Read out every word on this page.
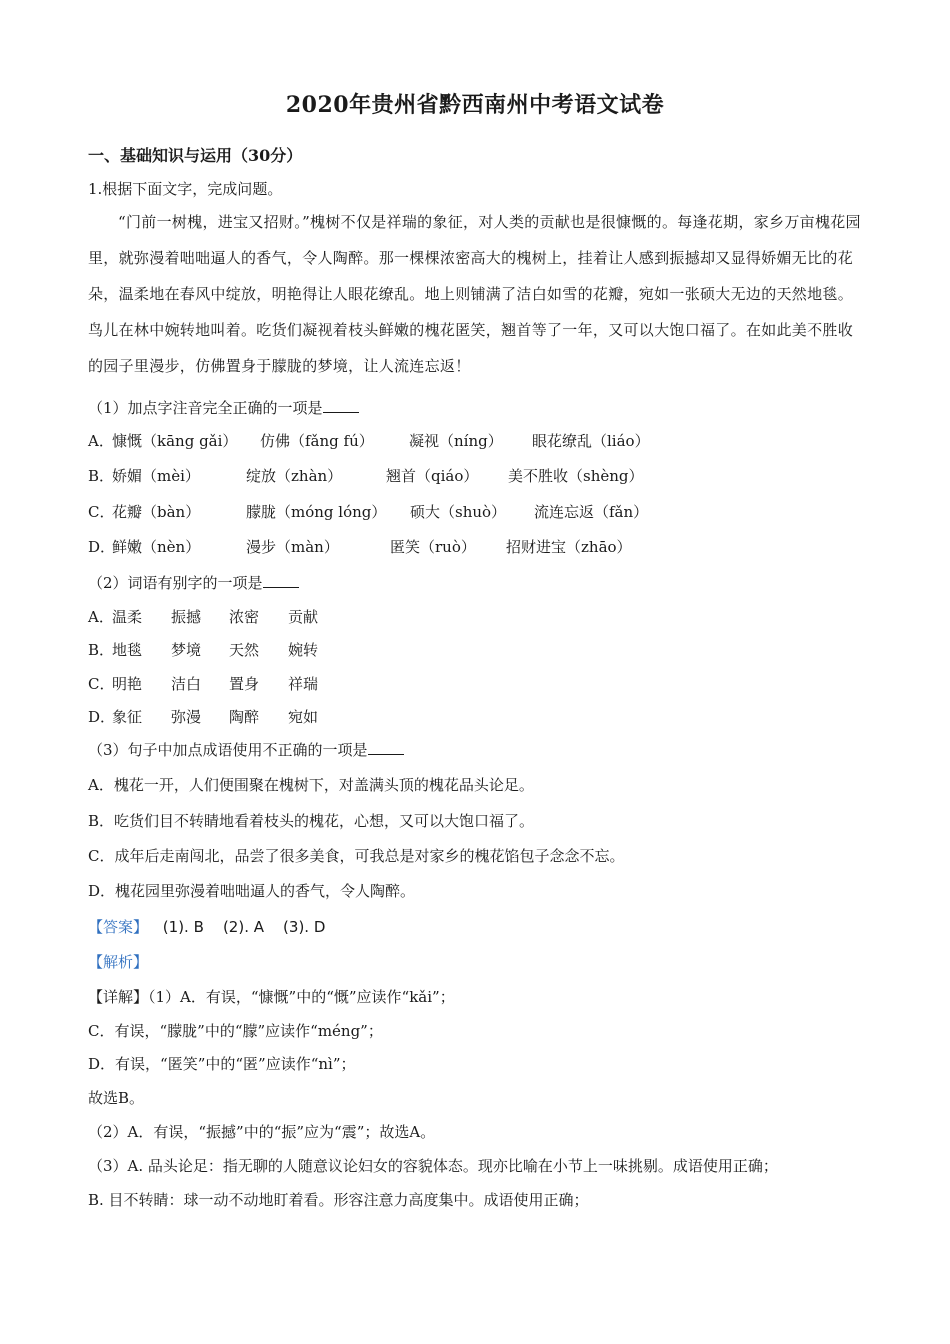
2020年贵州省黔西南州中考语文试卷
一、基础知识与运用（30分）
1.根据下面文字，完成问题。
“门前一树槐，进宝又招财。”槐树不仅是祥瑞的象征，对人类的贡献也是很慷慨的。每逢花期，家乡万亩槐花园里，就弥漫着咄咄逼人的香气，令人陶醉。那一棵棵浓密高大的槐树上，挂着让人感到振撼却又显得娇媚无比的花朵，温柔地在春风中绽放，明艳得让人眼花缭乱。地上则铺满了洁白如雪的花瓣，宛如一张硕大无边的天然地毯。鸟儿在林中婉转地叫着。吃货们凝视着枝头鲜嫩的槐花匿笑，翘首等了一年，又可以大饱口福了。在如此美不胜收的园子里漫步，仿佛置身于朦胧的梦境，让人流连忘返！
（1）加点字注音完全正确的一项是
A．
慷慨（kāng gǎi） 仿佛（fǎng fú） 凝视（níng） 眼花缭乱（liáo）
B．
娇媚（mèi）	绽放（zhàn）	翘首（qiáo） 美不胜收（shèng）
C．
花瓣（bàn）	朦胧（móng lóng） 硕大（shuò） 流连忘返（fǎn）
D．
鲜嫩（nèn）	漫步（màn）	匿笑（ruò） 招财进宝（zhāo）
（2）词语有别字的一项是
A．
温柔 振撼 浓密 贡献
B．
地毯 梦境 天然 婉转
C．
明艳 洁白 置身 祥瑞
D．
象征 弥漫 陶醉 宛如
（3）句子中加点成语使用不正确的一项是
A．槐花一开，人们便围聚在槐树下，对盖满头顶的槐花品头论足。
B．吃货们目不转睛地看着枝头的槐花，心想，又可以大饱口福了。
C．成年后走南闯北，品尝了很多美食，可我总是对家乡的槐花馅包子念念不忘。
D．槐花园里弥漫着咄咄逼人的香气，令人陶醉。
【答案】 (1). B    (2). A    (3). D
【解析】
【详解】（1）A．有误，“慷慨”中的“慨”应读作“kǎi”；
C．有误，“朦胧”中的“朦”应读作“méng”；
D．有误，“匿笑”中的“匿”应读作“nì”；
故选B。
（2）A．有误，“振撼”中的“振”应为“震”；故选A。
（3）A. 品头论足：指无聊的人随意议论妇女的容貌体态。现亦比喻在小节上一味挑剔。成语使用正确；
B. 目不转睛：球一动不动地盯着看。形容注意力高度集中。成语使用正确；
